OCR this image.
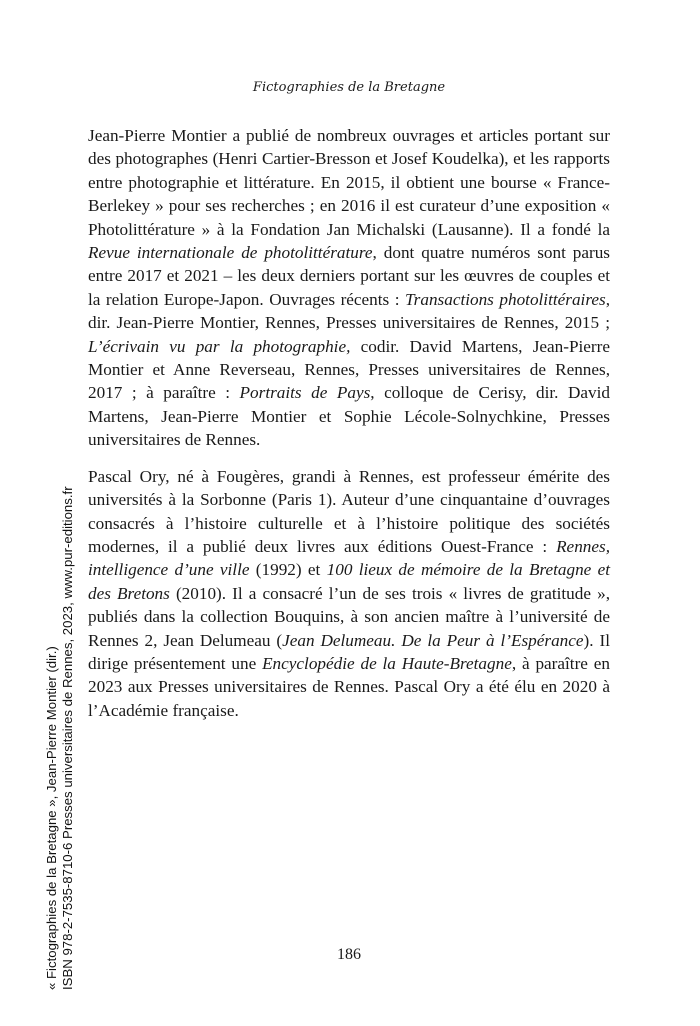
Fictographies de la Bretagne

Jean-Pierre Montier a publié de nombreux ouvrages et articles portant sur des photographes (Henri Cartier-Bresson et Josef Koudelka), et les rapports entre photographie et littérature. En 2015, il obtient une bourse « France-Berlekey » pour ses recherches ; en 2016 il est curateur d’une exposition « Photolittérature » à la Fondation Jan Michalski (Lausanne). Il a fondé la Revue internationale de photolittérature, dont quatre numéros sont parus entre 2017 et 2021 – les deux derniers portant sur les œuvres de couples et la relation Europe-Japon. Ouvrages récents : Transactions photolittéraires, dir. Jean-Pierre Montier, Rennes, Presses universitaires de Rennes, 2015 ; L’écrivain vu par la photographie, codir. David Martens, Jean-Pierre Montier et Anne Reverseau, Rennes, Presses universitaires de Rennes, 2017 ; à paraître : Portraits de Pays, colloque de Cerisy, dir. David Martens, Jean-Pierre Montier et Sophie Lécole-Solnychkine, Presses universitaires de Rennes.

Pascal Ory, né à Fougères, grandi à Rennes, est professeur émérite des universités à la Sorbonne (Paris 1). Auteur d’une cinquantaine d’ouvrages consacrés à l’histoire culturelle et à l’histoire politique des sociétés modernes, il a publié deux livres aux éditions Ouest-France : Rennes, intelligence d’une ville (1992) et 100 lieux de mémoire de la Bretagne et des Bretons (2010). Il a consacré l’un de ses trois « livres de gratitude », publiés dans la collection Bouquins, à son ancien maître à l’université de Rennes 2, Jean Delumeau (Jean Delumeau. De la Peur à l’Espérance). Il dirige présentement une Encyclopédie de la Haute-Bretagne, à paraître en 2023 aux Presses universitaires de Rennes. Pascal Ory a été élu en 2020 à l’Académie française.

186
« Fictographies de la Bretagne », Jean-Pierre Montier (dir.) ISBN 978-2-7535-8710-6 Presses universitaires de Rennes, 2023, www.pur-editions.fr
